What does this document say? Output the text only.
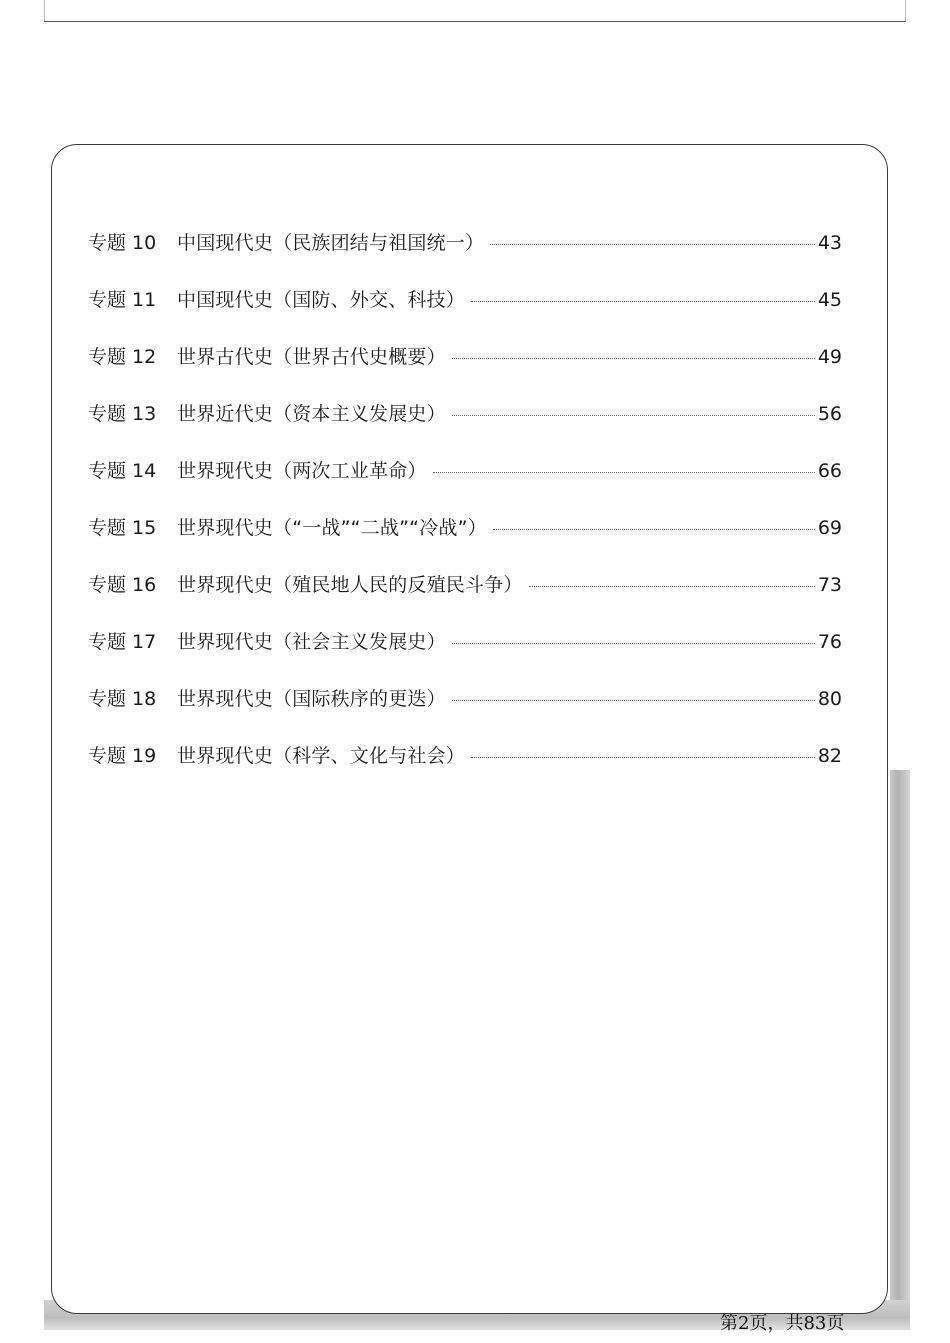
专题 10	中国现代史（民族团结与祖国统一）	43
专题 11	中国现代史（国防、外交、科技）	45
专题 12	世界古代史（世界古代史概要）	49
专题 13	世界近代史（资本主义发展史）	56
专题 14	世界现代史（两次工业革命）	66
专题 15	世界现代史（“一战”“二战”“冷战”）	69
专题 16	世界现代史（殖民地人民的反殖民斗争）	73
专题 17	世界现代史（社会主义发展史）	76
专题 18	世界现代史（国际秩序的更迭）	80
专题 19	世界现代史（科学、文化与社会）	82
第2页，共83页
